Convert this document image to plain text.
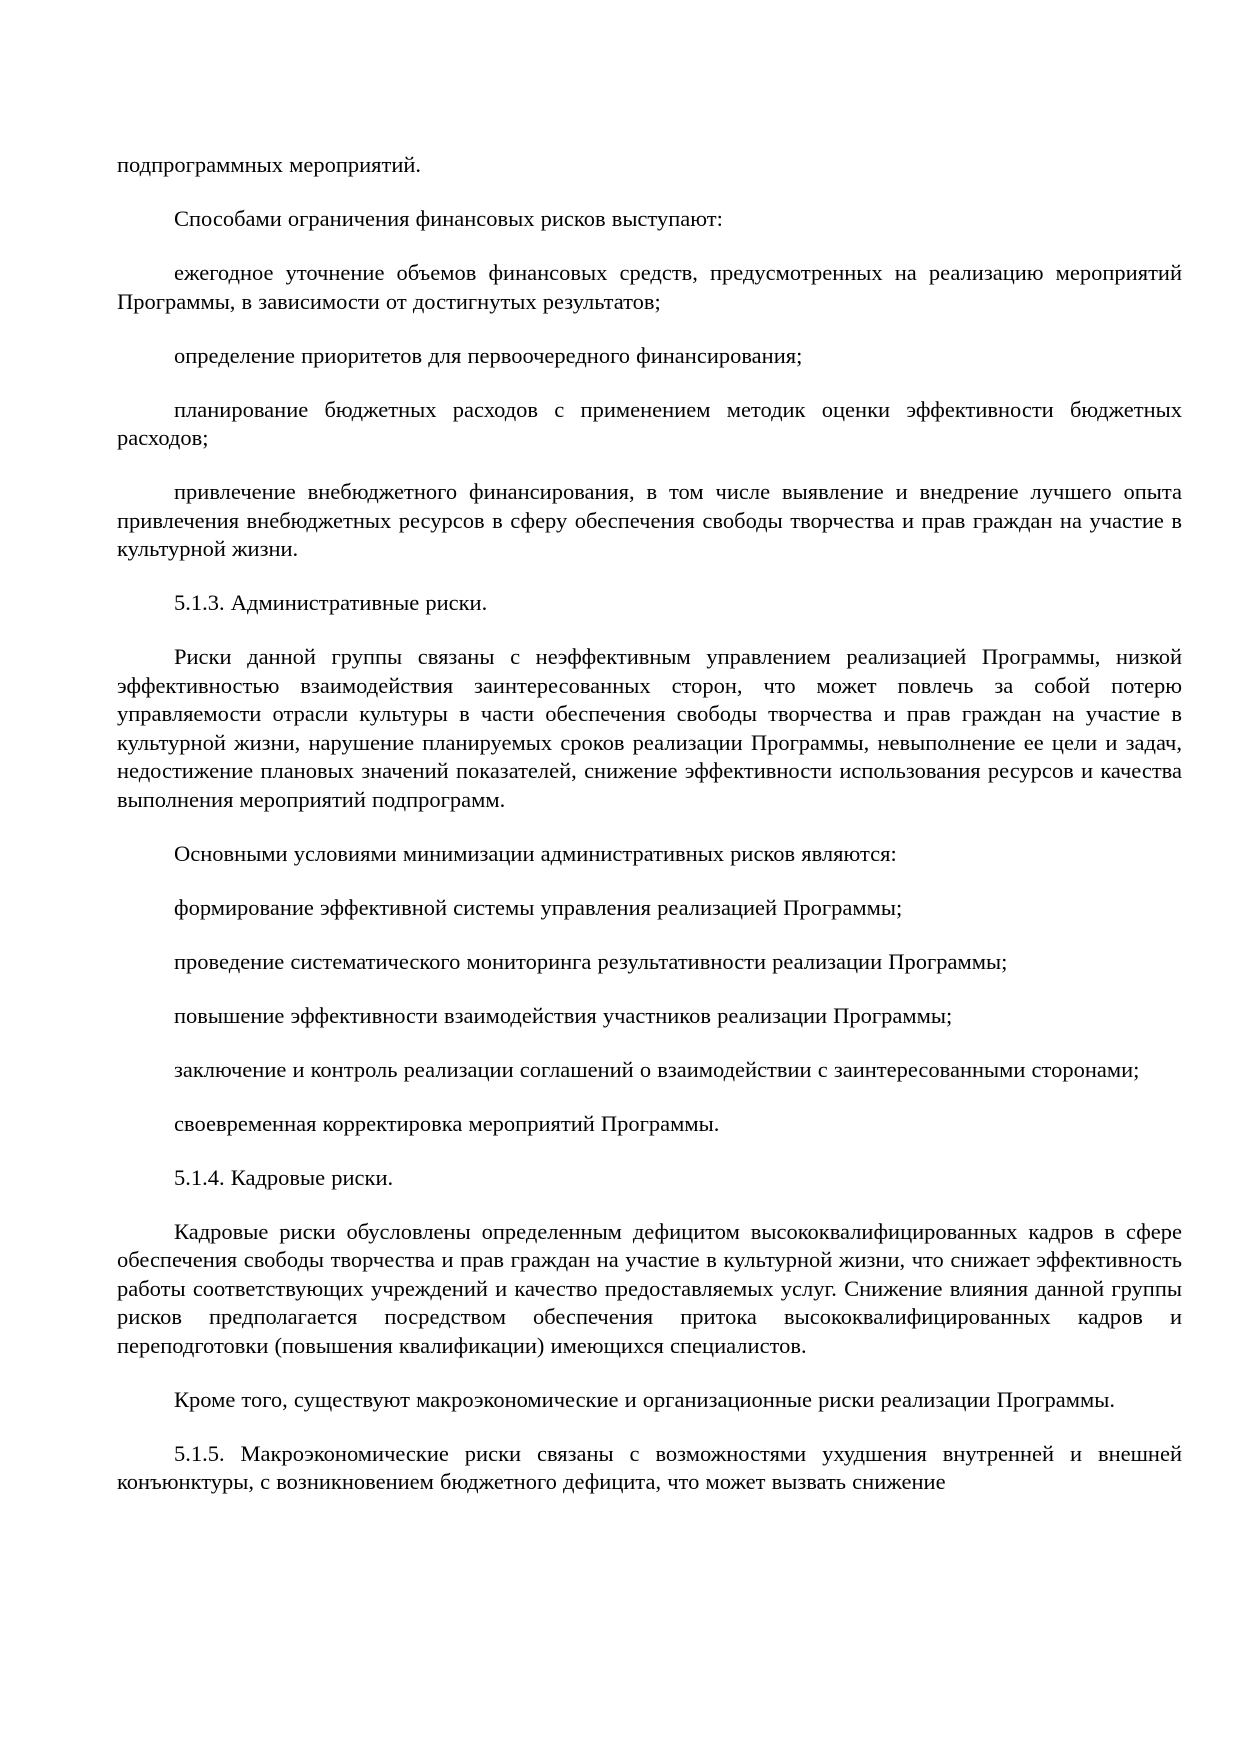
подпрограммных мероприятий.

Способами ограничения финансовых рисков выступают:

ежегодное уточнение объемов финансовых средств, предусмотренных на реализацию мероприятий Программы, в зависимости от достигнутых результатов;

определение приоритетов для первоочередного финансирования;

планирование бюджетных расходов с применением методик оценки эффективности бюджетных расходов;

привлечение внебюджетного финансирования, в том числе выявление и внедрение лучшего опыта привлечения внебюджетных ресурсов в сферу обеспечения свободы творчества и прав граждан на участие в культурной жизни.

5.1.3. Административные риски.

Риски данной группы связаны с неэффективным управлением реализацией Программы, низкой эффективностью взаимодействия заинтересованных сторон, что может повлечь за собой потерю управляемости отрасли культуры в части обеспечения свободы творчества и прав граждан на участие в культурной жизни, нарушение планируемых сроков реализации Программы, невыполнение ее цели и задач, недостижение плановых значений показателей, снижение эффективности использования ресурсов и качества выполнения мероприятий подпрограмм.

Основными условиями минимизации административных рисков являются:

формирование эффективной системы управления реализацией Программы;

проведение систематического мониторинга результативности реализации Программы;

повышение эффективности взаимодействия участников реализации Программы;

заключение и контроль реализации соглашений о взаимодействии с заинтересованными сторонами;

своевременная корректировка мероприятий Программы.

5.1.4. Кадровые риски.

Кадровые риски обусловлены определенным дефицитом высококвалифицированных кадров в сфере обеспечения свободы творчества и прав граждан на участие в культурной жизни, что снижает эффективность работы соответствующих учреждений и качество предоставляемых услуг. Снижение влияния данной группы рисков предполагается посредством обеспечения притока высококвалифицированных кадров и переподготовки (повышения квалификации) имеющихся специалистов.

Кроме того, существуют макроэкономические и организационные риски реализации Программы.

5.1.5. Макроэкономические риски связаны с возможностями ухудшения внутренней и внешней конъюнктуры, с возникновением бюджетного дефицита, что может вызвать снижение
